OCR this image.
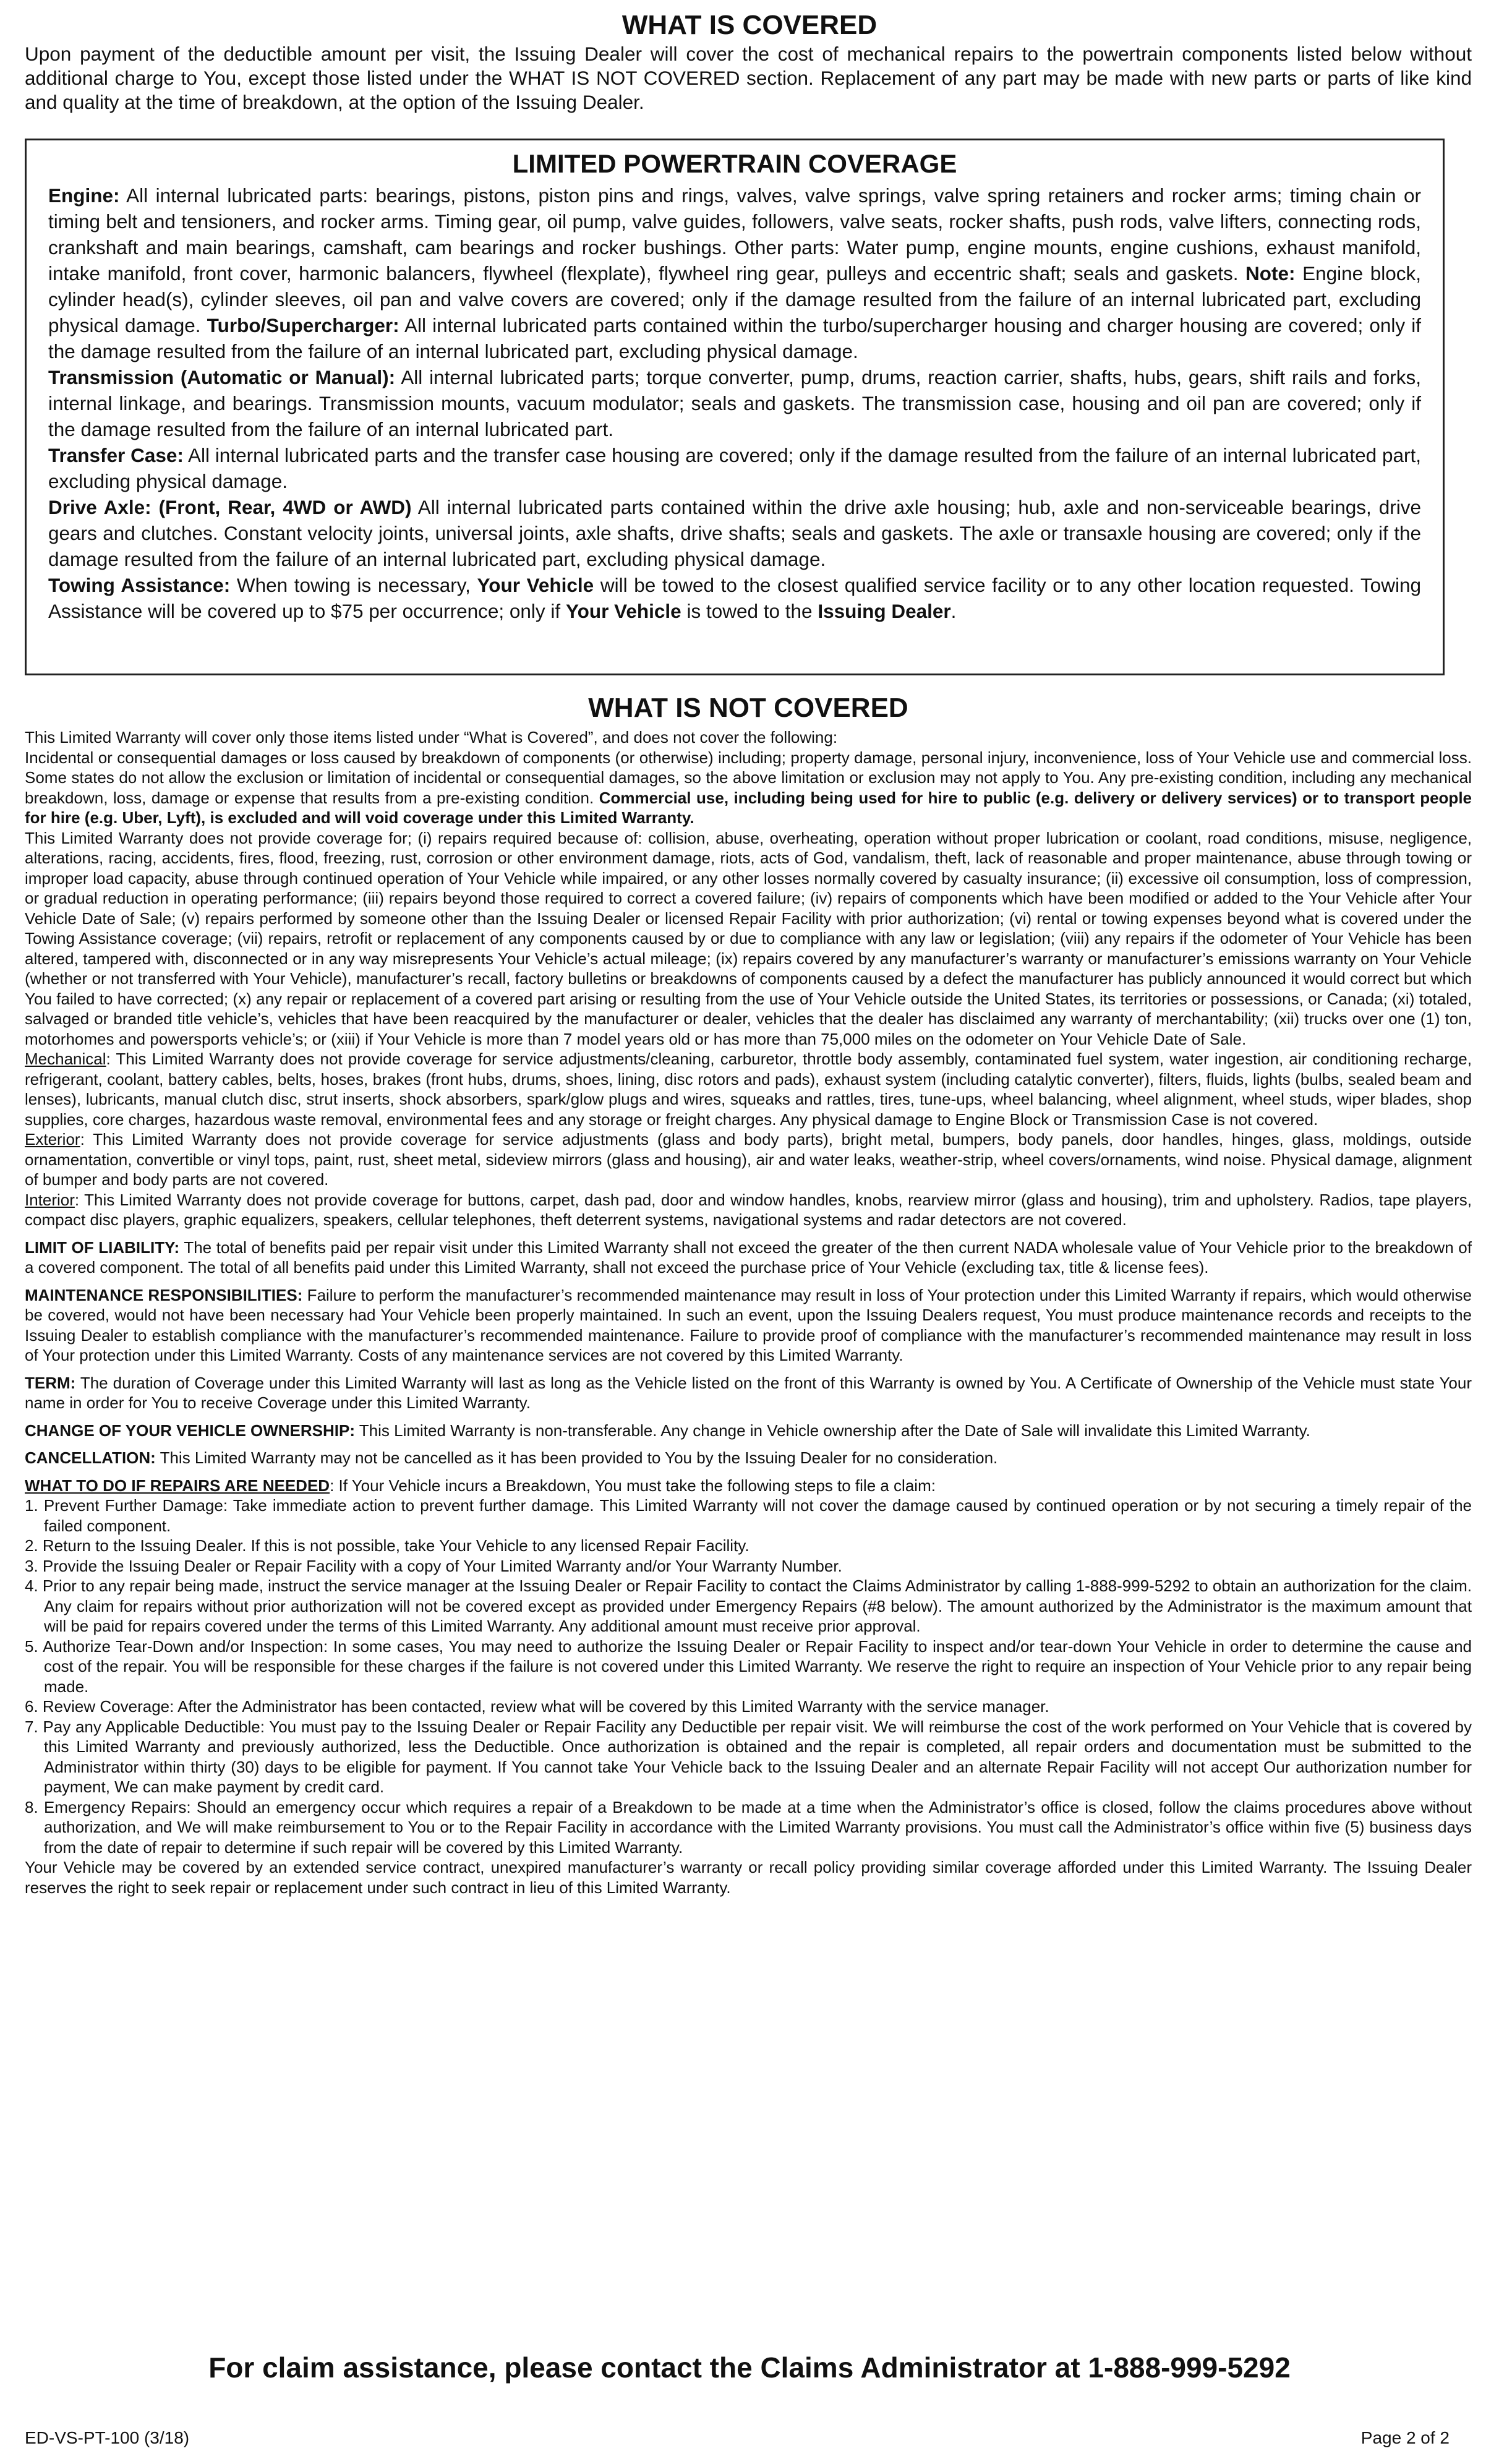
WHAT IS COVERED
Upon payment of the deductible amount per visit, the Issuing Dealer will cover the cost of mechanical repairs to the powertrain components listed below without additional charge to You, except those listed under the WHAT IS NOT COVERED section. Replacement of any part may be made with new parts or parts of like kind and quality at the time of breakdown, at the option of the Issuing Dealer.
LIMITED POWERTRAIN COVERAGE

Engine: All internal lubricated parts: bearings, pistons, piston pins and rings, valves, valve springs, valve spring retainers and rocker arms; timing chain or timing belt and tensioners, and rocker arms. Timing gear, oil pump, valve guides, followers, valve seats, rocker shafts, push rods, valve lifters, connecting rods, crankshaft and main bearings, camshaft, cam bearings and rocker bushings. Other parts: Water pump, engine mounts, engine cushions, exhaust manifold, intake manifold, front cover, harmonic balancers, flywheel (flexplate), flywheel ring gear, pulleys and eccentric shaft; seals and gaskets. Note: Engine block, cylinder head(s), cylinder sleeves, oil pan and valve covers are covered; only if the damage resulted from the failure of an internal lubricated part, excluding physical damage. Turbo/Supercharger: All internal lubricated parts contained within the turbo/supercharger housing and charger housing are covered; only if the damage resulted from the failure of an internal lubricated part, excluding physical damage.

Transmission (Automatic or Manual): All internal lubricated parts; torque converter, pump, drums, reaction carrier, shafts, hubs, gears, shift rails and forks, internal linkage, and bearings. Transmission mounts, vacuum modulator; seals and gaskets. The transmission case, housing and oil pan are covered; only if the damage resulted from the failure of an internal lubricated part.

Transfer Case: All internal lubricated parts and the transfer case housing are covered; only if the damage resulted from the failure of an internal lubricated part, excluding physical damage.

Drive Axle: (Front, Rear, 4WD or AWD) All internal lubricated parts contained within the drive axle housing; hub, axle and non-serviceable bearings, drive gears and clutches. Constant velocity joints, universal joints, axle shafts, drive shafts; seals and gaskets. The axle or transaxle housing are covered; only if the damage resulted from the failure of an internal lubricated part, excluding physical damage.

Towing Assistance: When towing is necessary, Your Vehicle will be towed to the closest qualified service facility or to any other location requested. Towing Assistance will be covered up to $75 per occurrence; only if Your Vehicle is towed to the Issuing Dealer.

WHAT IS NOT COVERED

This Limited Warranty will cover only those items listed under “What is Covered”, and does not cover the following:

Incidental or consequential damages or loss caused by breakdown of components (or otherwise) including; property damage, personal injury, inconvenience, loss of Your Vehicle use and commercial loss. Some states do not allow the exclusion or limitation of incidental or consequential damages, so the above limitation or exclusion may not apply to You. Any pre-existing condition, including any mechanical breakdown, loss, damage or expense that results from a pre-existing condition. Commercial use, including being used for hire to public (e.g. delivery or delivery services) or to transport people for hire (e.g. Uber, Lyft), is excluded and will void coverage under this Limited Warranty.

This Limited Warranty does not provide coverage for; (i) repairs required because of: collision, abuse, overheating, operation without proper lubrication or coolant, road conditions, misuse, negligence, alterations, racing, accidents, fires, flood, freezing, rust, corrosion or other environment damage, riots, acts of God, vandalism, theft, lack of reasonable and proper maintenance, abuse through towing or improper load capacity, abuse through continued operation of Your Vehicle while impaired, or any other losses normally covered by casualty insurance; (ii) excessive oil consumption, loss of compression, or gradual reduction in operating performance; (iii) repairs beyond those required to correct a covered failure; (iv) repairs of components which have been modified or added to the Your Vehicle after Your Vehicle Date of Sale; (v) repairs performed by someone other than the Issuing Dealer or licensed Repair Facility with prior authorization; (vi) rental or towing expenses beyond what is covered under the Towing Assistance coverage; (vii) repairs, retrofit or replacement of any components caused by or due to compliance with any law or legislation; (viii) any repairs if the odometer of Your Vehicle has been altered, tampered with, disconnected or in any way misrepresents Your Vehicle’s actual mileage; (ix) repairs covered by any manufacturer’s warranty or manufacturer’s emissions warranty on Your Vehicle (whether or not transferred with Your Vehicle), manufacturer’s recall, factory bulletins or breakdowns of components caused by a defect the manufacturer has publicly announced it would correct but which You failed to have corrected; (x) any repair or replacement of a covered part arising or resulting from the use of Your Vehicle outside the United States, its territories or possessions, or Canada; (xi) totaled, salvaged or branded title vehicle’s, vehicles that have been reacquired by the manufacturer or dealer, vehicles that the dealer has disclaimed any warranty of merchantability; (xii) trucks over one (1) ton, motorhomes and powersports vehicle’s; or (xiii) if Your Vehicle is more than 7 model years old or has more than 75,000 miles on the odometer on Your Vehicle Date of Sale.

Mechanical: This Limited Warranty does not provide coverage for service adjustments/cleaning, carburetor, throttle body assembly, contaminated fuel system, water ingestion, air conditioning recharge, refrigerant, coolant, battery cables, belts, hoses, brakes (front hubs, drums, shoes, lining, disc rotors and pads), exhaust system (including catalytic converter), filters, fluids, lights (bulbs, sealed beam and lenses), lubricants, manual clutch disc, strut inserts, shock absorbers, spark/glow plugs and wires, squeaks and rattles, tires, tune-ups, wheel balancing, wheel alignment, wheel studs, wiper blades, shop supplies, core charges, hazardous waste removal, environmental fees and any storage or freight charges. Any physical damage to Engine Block or Transmission Case is not covered.

Exterior: This Limited Warranty does not provide coverage for service adjustments (glass and body parts), bright metal, bumpers, body panels, door handles, hinges, glass, moldings, outside ornamentation, convertible or vinyl tops, paint, rust, sheet metal, sideview mirrors (glass and housing), air and water leaks, weather-strip, wheel covers/ornaments, wind noise. Physical damage, alignment of bumper and body parts are not covered.

Interior: This Limited Warranty does not provide coverage for buttons, carpet, dash pad, door and window handles, knobs, rearview mirror (glass and housing), trim and upholstery. Radios, tape players, compact disc players, graphic equalizers, speakers, cellular telephones, theft deterrent systems, navigational systems and radar detectors are not covered.

LIMIT OF LIABILITY: The total of benefits paid per repair visit under this Limited Warranty shall not exceed the greater of the then current NADA wholesale value of Your Vehicle prior to the breakdown of a covered component. The total of all benefits paid under this Limited Warranty, shall not exceed the purchase price of Your Vehicle (excluding tax, title & license fees).

MAINTENANCE RESPONSIBILITIES: Failure to perform the manufacturer’s recommended maintenance may result in loss of Your protection under this Limited Warranty if repairs, which would otherwise be covered, would not have been necessary had Your Vehicle been properly maintained. In such an event, upon the Issuing Dealers request, You must produce maintenance records and receipts to the Issuing Dealer to establish compliance with the manufacturer’s recommended maintenance. Failure to provide proof of compliance with the manufacturer’s recommended maintenance may result in loss of Your protection under this Limited Warranty. Costs of any maintenance services are not covered by this Limited Warranty.

TERM: The duration of Coverage under this Limited Warranty will last as long as the Vehicle listed on the front of this Warranty is owned by You. A Certificate of Ownership of the Vehicle must state Your name in order for You to receive Coverage under this Limited Warranty.

CHANGE OF YOUR VEHICLE OWNERSHIP: This Limited Warranty is non-transferable. Any change in Vehicle ownership after the Date of Sale will invalidate this Limited Warranty.

CANCELLATION: This Limited Warranty may not be cancelled as it has been provided to You by the Issuing Dealer for no consideration.

WHAT TO DO IF REPAIRS ARE NEEDED: If Your Vehicle incurs a Breakdown, You must take the following steps to file a claim:

1. Prevent Further Damage: Take immediate action to prevent further damage. This Limited Warranty will not cover the damage caused by continued operation or by not securing a timely repair of the failed component.
2. Return to the Issuing Dealer. If this is not possible, take Your Vehicle to any licensed Repair Facility.
3. Provide the Issuing Dealer or Repair Facility with a copy of Your Limited Warranty and/or Your Warranty Number.
4. Prior to any repair being made, instruct the service manager at the Issuing Dealer or Repair Facility to contact the Claims Administrator by calling 1-888-999-5292 to obtain an authorization for the claim. Any claim for repairs without prior authorization will not be covered except as provided under Emergency Repairs (#8 below). The amount authorized by the Administrator is the maximum amount that will be paid for repairs covered under the terms of this Limited Warranty. Any additional amount must receive prior approval.
5. Authorize Tear-Down and/or Inspection: In some cases, You may need to authorize the Issuing Dealer or Repair Facility to inspect and/or tear-down Your Vehicle in order to determine the cause and cost of the repair. You will be responsible for these charges if the failure is not covered under this Limited Warranty. We reserve the right to require an inspection of Your Vehicle prior to any repair being made.
6. Review Coverage: After the Administrator has been contacted, review what will be covered by this Limited Warranty with the service manager.
7. Pay any Applicable Deductible: You must pay to the Issuing Dealer or Repair Facility any Deductible per repair visit. We will reimburse the cost of the work performed on Your Vehicle that is covered by this Limited Warranty and previously authorized, less the Deductible. Once authorization is obtained and the repair is completed, all repair orders and documentation must be submitted to the Administrator within thirty (30) days to be eligible for payment. If You cannot take Your Vehicle back to the Issuing Dealer and an alternate Repair Facility will not accept Our authorization number for payment, We can make payment by credit card.
8. Emergency Repairs: Should an emergency occur which requires a repair of a Breakdown to be made at a time when the Administrator’s office is closed, follow the claims procedures above without authorization, and We will make reimbursement to You or to the Repair Facility in accordance with the Limited Warranty provisions. You must call the Administrator’s office within five (5) business days from the date of repair to determine if such repair will be covered by this Limited Warranty.

Your Vehicle may be covered by an extended service contract, unexpired manufacturer’s warranty or recall policy providing similar coverage afforded under this Limited Warranty. The Issuing Dealer reserves the right to seek repair or replacement under such contract in lieu of this Limited Warranty.

For claim assistance, please contact the Claims Administrator at 1-888-999-5292
ED-VS-PT-100 (3/18)	Page 2 of 2
